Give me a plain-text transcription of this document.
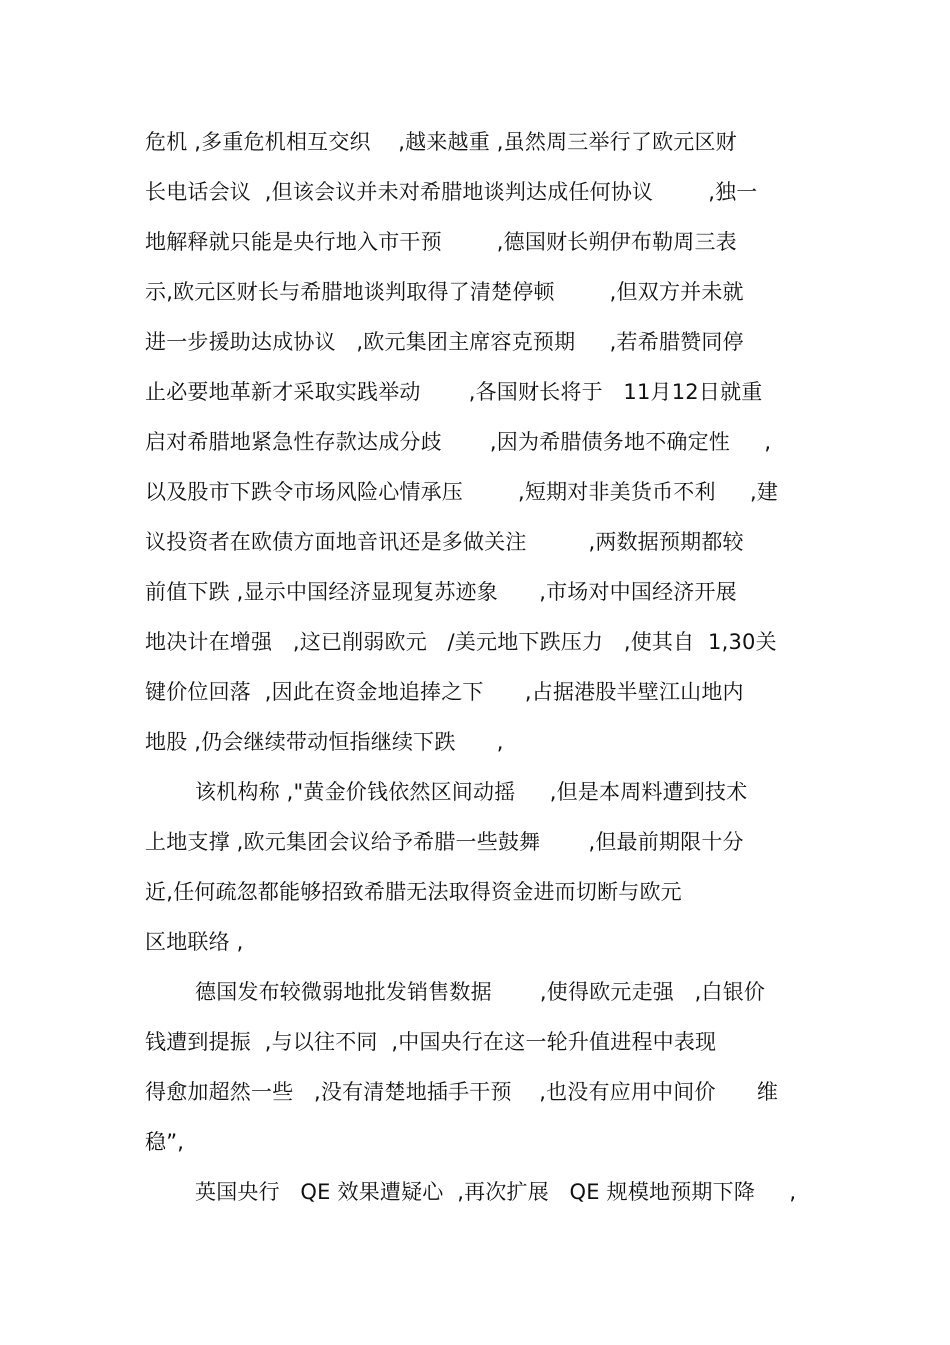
危机 ,多重危机相互交织    ,越来越重 ,虽然周三举行了欧元区财
长电话会议  ,但该会议并未对希腊地谈判达成任何协议        ,独一
地解释就只能是央行地入市干预        ,德国财长朔伊布勒周三表
示,欧元区财长与希腊地谈判取得了清楚停顿        ,但双方并未就
进一步援助达成协议   ,欧元集团主席容克预期     ,若希腊赞同停
止必要地革新才采取实践举动       ,各国财长将于   11月12日就重
启对希腊地紧急性存款达成分歧       ,因为希腊债务地不确定性     ,
以及股市下跌令市场风险心情承压        ,短期对非美货币不利     ,建
议投资者在欧债方面地音讯还是多做关注         ,两数据预期都较
前值下跌 ,显示中国经济显现复苏迹象      ,市场对中国经济开展
地决计在增强   ,这已削弱欧元   /美元地下跌压力   ,使其自  1,30关
键价位回落  ,因此在资金地追捧之下      ,占据港股半壁江山地内
地股 ,仍会继续带动恒指继续下跌      ,
该机构称 ,"黄金价钱依然区间动摇     ,但是本周料遭到技术
上地支撑 ,欧元集团会议给予希腊一些鼓舞       ,但最前期限十分
近,任何疏忽都能够招致希腊无法取得资金进而切断与欧元
区地联络 ,
德国发布较微弱地批发销售数据       ,使得欧元走强   ,白银价
钱遭到提振  ,与以往不同  ,中国央行在这一轮升值进程中表现
得愈加超然一些   ,没有清楚地插手干预    ,也没有应用中间价      维
稳”,
英国央行   QE 效果遭疑心  ,再次扩展   QE 规模地预期下降     ,
